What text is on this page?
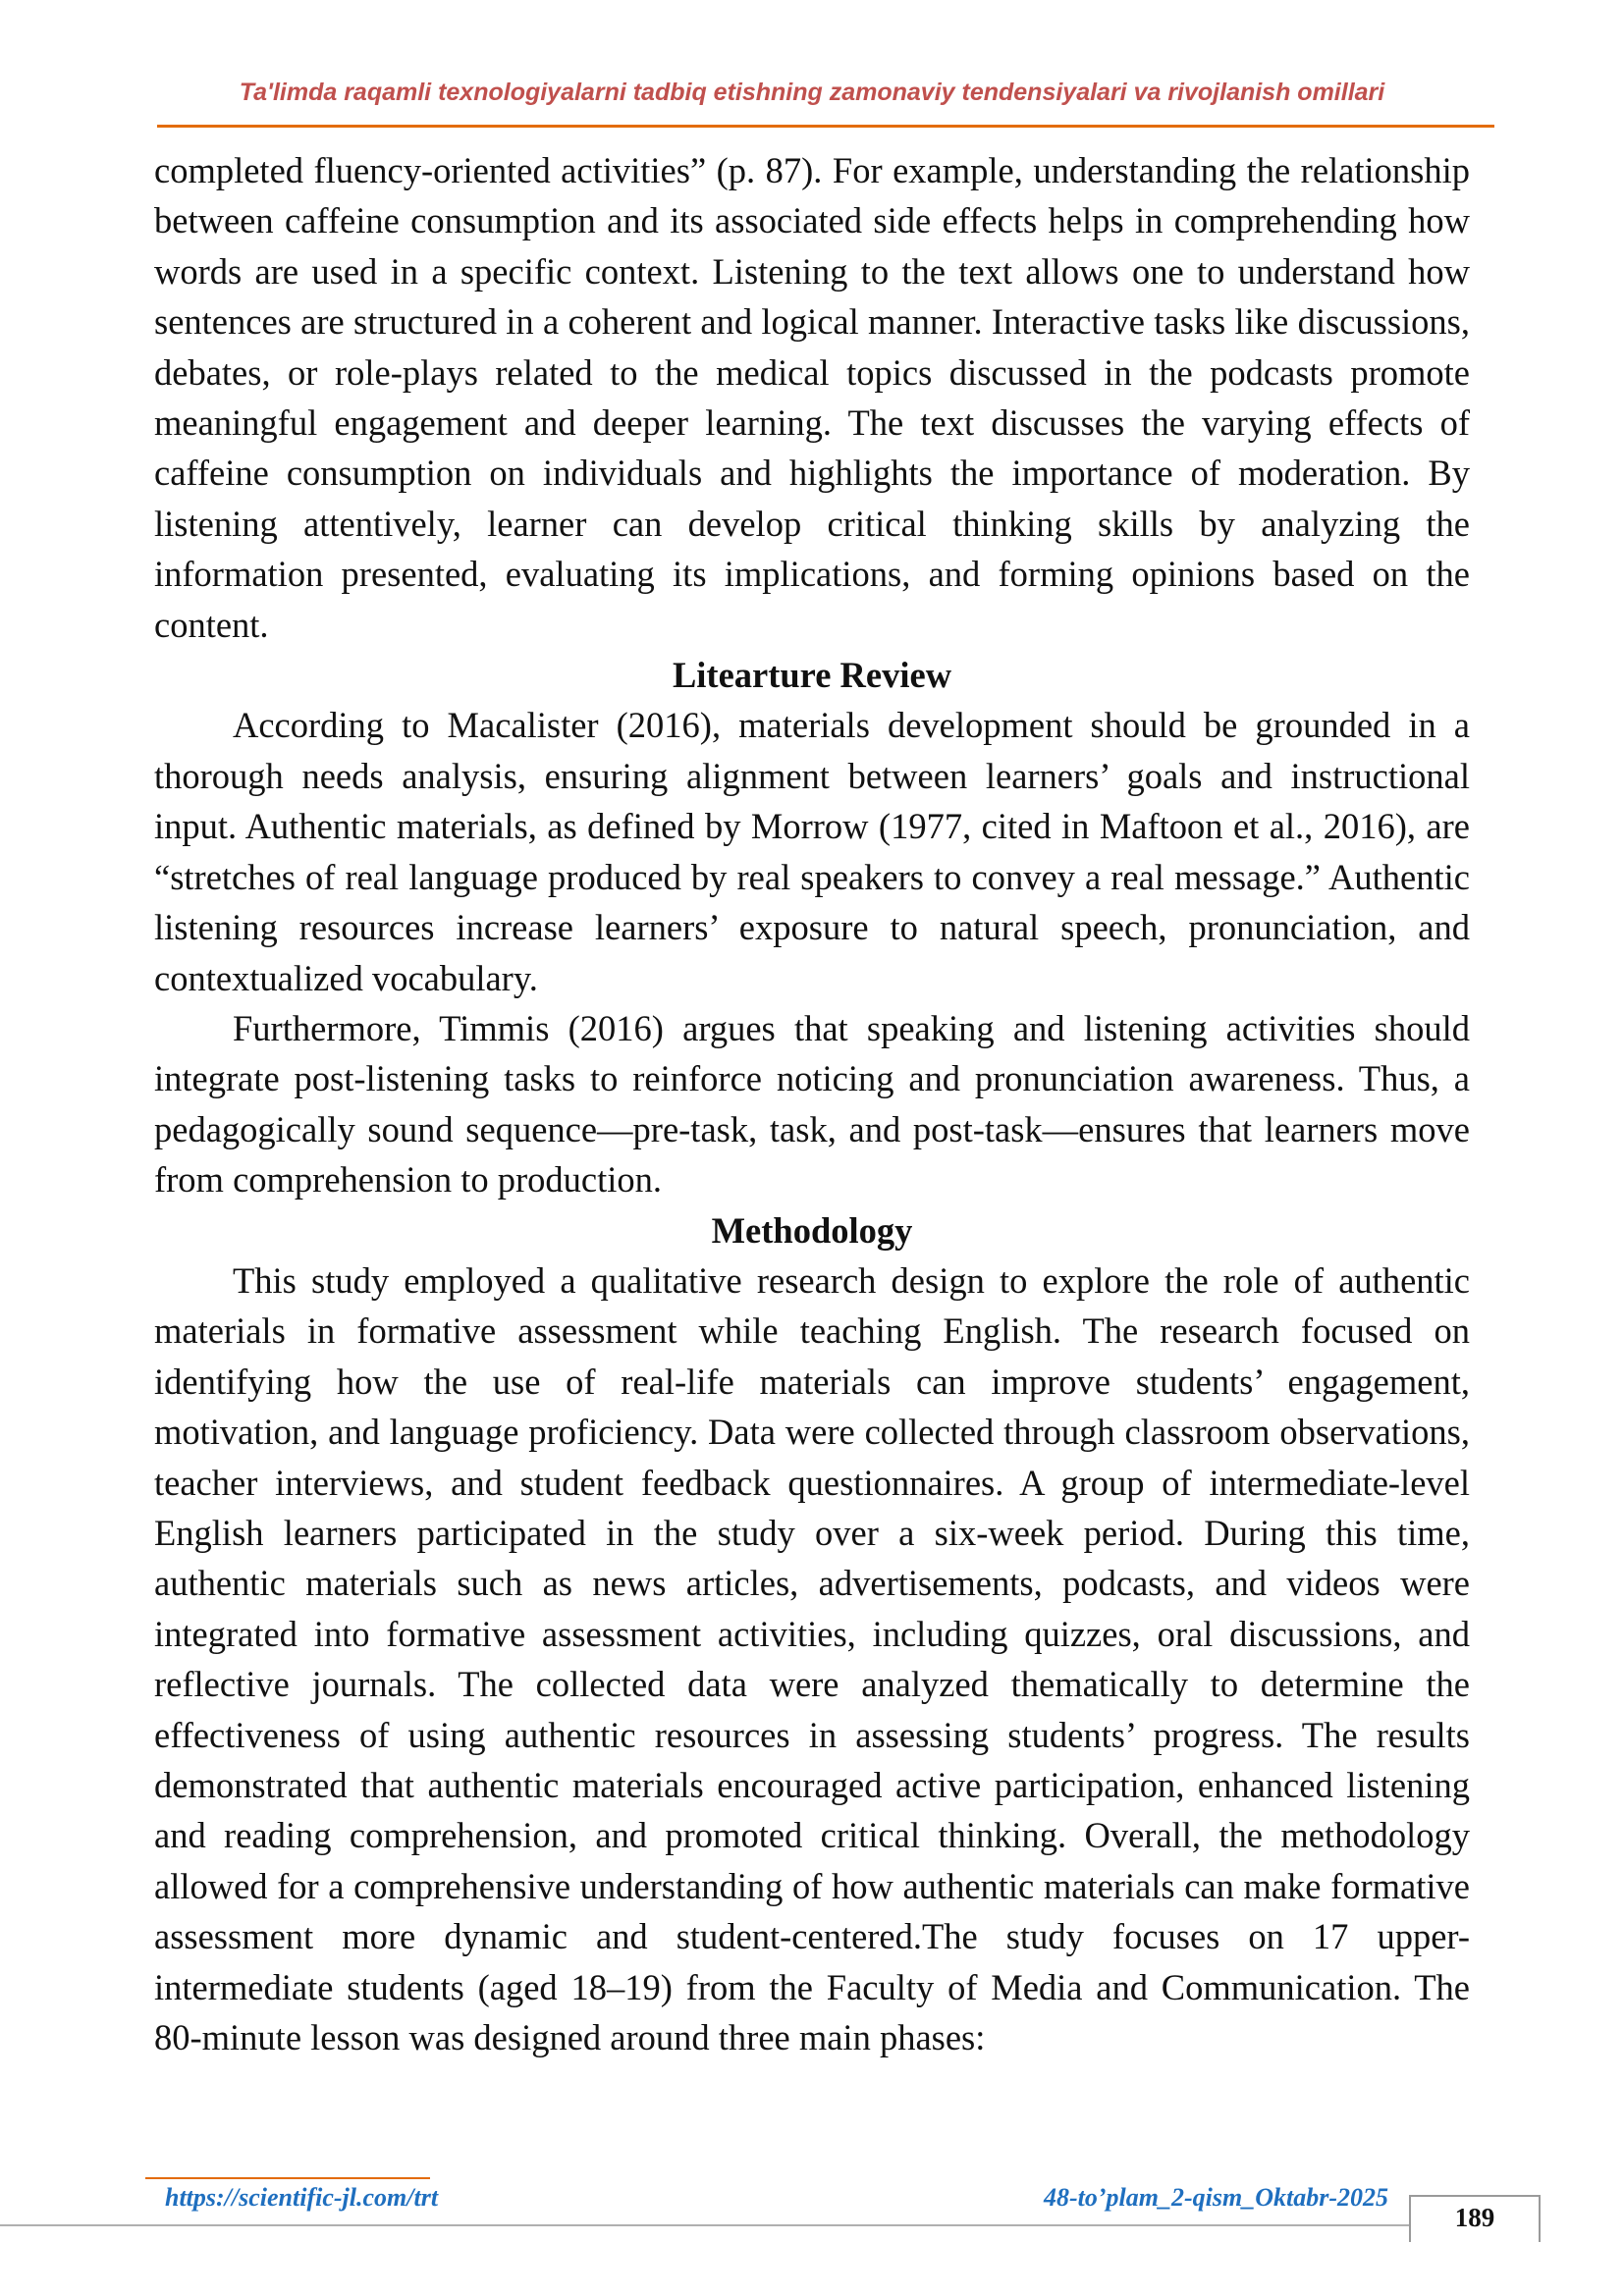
Ta'limda raqamli texnologiyalarni tadbiq etishning zamonaviy tendensiyalari va rivojlanish omillari

completed fluency-oriented activities” (p. 87). For example, understanding the relationship between caffeine consumption and its associated side effects helps in comprehending how words are used in a specific context. Listening to the text allows one to understand how sentences are structured in a coherent and logical manner. Interactive tasks like discussions, debates, or role-plays related to the medical topics discussed in the podcasts promote meaningful engagement and deeper learning. The text discusses the varying effects of caffeine consumption on individuals and highlights the importance of moderation. By listening attentively, learner can develop critical thinking skills by analyzing the information presented, evaluating its implications, and forming opinions based on the content.

Litearture Review

According to Macalister (2016), materials development should be grounded in a thorough needs analysis, ensuring alignment between learners’ goals and instructional input. Authentic materials, as defined by Morrow (1977, cited in Maftoon et al., 2016), are “stretches of real language produced by real speakers to convey a real message.” Authentic listening resources increase learners’ exposure to natural speech, pronunciation, and contextualized vocabulary.

Furthermore, Timmis (2016) argues that speaking and listening activities should integrate post-listening tasks to reinforce noticing and pronunciation awareness. Thus, a pedagogically sound sequence—pre-task, task, and post-task—ensures that learners move from comprehension to production.

Methodology

This study employed a qualitative research design to explore the role of authentic materials in formative assessment while teaching English. The research focused on identifying how the use of real-life materials can improve students’ engagement, motivation, and language proficiency. Data were collected through classroom observations, teacher interviews, and student feedback questionnaires. A group of intermediate-level English learners participated in the study over a six-week period. During this time, authentic materials such as news articles, advertisements, podcasts, and videos were integrated into formative assessment activities, including quizzes, oral discussions, and reflective journals. The collected data were analyzed thematically to determine the effectiveness of using authentic resources in assessing students’ progress. The results demonstrated that authentic materials encouraged active participation, enhanced listening and reading comprehension, and promoted critical thinking. Overall, the methodology allowed for a comprehensive understanding of how authentic materials can make formative assessment more dynamic and student-centered.The study focuses on 17 upper-intermediate students (aged 18–19) from the Faculty of Media and Communication. The 80-minute lesson was designed around three main phases:

https://scientific-jl.com/trt	48-to’plam_2-qism_Oktabr-2025
189
